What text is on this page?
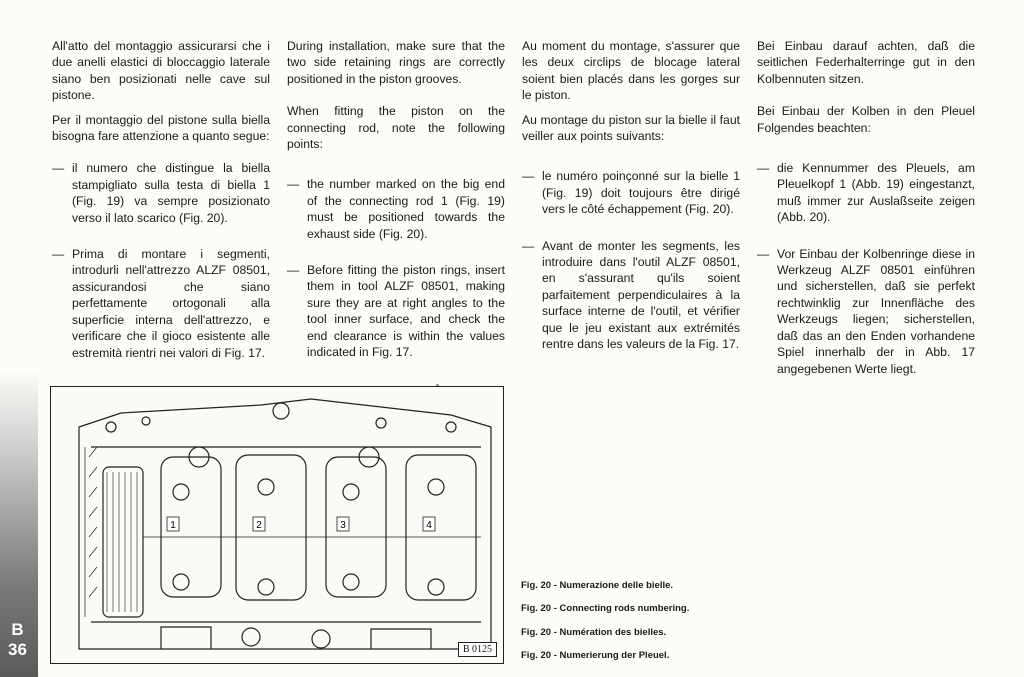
All'atto del montaggio assicurarsi che i due anelli elastici di bloccaggio laterale siano ben posizionati nelle cave sul pistone.

Per il montaggio del pistone sulla biella bisogna fare attenzione a quanto segue:

— il numero che distingue la biella stampigliato sulla testa di biella 1 (Fig. 19) va sempre posizionato verso il lato scarico (Fig. 20).
— Prima di montare i segmenti, introdurli nell'attrezzo ALZF 08501, assicurandosi che siano perfettamente ortogonali alla superficie interna dell'attrezzo, e verificare che il gioco esistente alle estremità rientri nei valori di Fig. 17.

During installation, make sure that the two side retaining rings are correctly positioned in the piston grooves.

When fitting the piston on the connecting rod, note the following points:

— the number marked on the big end of the connecting rod 1 (Fig. 19) must be positioned towards the exhaust side (Fig. 20).
— Before fitting the piston rings, insert them in tool ALZF 08501, making sure they are at right angles to the tool inner surface, and check the end clearance is within the values indicated in Fig. 17.

Au moment du montage, s'assurer que les deux circlips de blocage lateral soient bien placés dans les gorges sur le piston.

Au montage du piston sur la bielle il faut veiller aux points suivants:

— le numéro poinçonné sur la bielle 1 (Fig. 19) doit toujours être dirigé vers le côté échappement (Fig. 20).
— Avant de monter les segments, les introduire dans l'outil ALZF 08501, en s'assurant qu'ils soient parfaitement perpendiculaires à la surface interne de l'outil, et vérifier que le jeu existant aux extrémités rentre dans les valeurs de la Fig. 17.

Bei Einbau darauf achten, daß die seitlichen Federhalterringe gut in den Kolbennuten sitzen.

Bei Einbau der Kolben in den Pleuel Folgendes beachten:

— die Kennummer des Pleuels, am Pleuelkopf 1 (Abb. 19) eingestanzt, muß immer zur Auslaßseite zeigen (Abb. 20).
— Vor Einbau der Kolbenringe diese in Werkzeug ALZF 08501 einführen und sicherstellen, daß sie perfekt rechtwinklig zur Innenfläche des Werkzeugs liegen; sicherstellen, daß das an den Enden vorhandene Spiel innerhalb der in Abb. 17 angegebenen Werte liegt.
1	2	3	4
B 0125
Fig. 20 - Numerazione delle bielle.
Fig. 20 - Connecting rods numbering.
Fig. 20 - Numération des bielles.
Fig. 20 - Numerierung der Pleuel.
B
36
